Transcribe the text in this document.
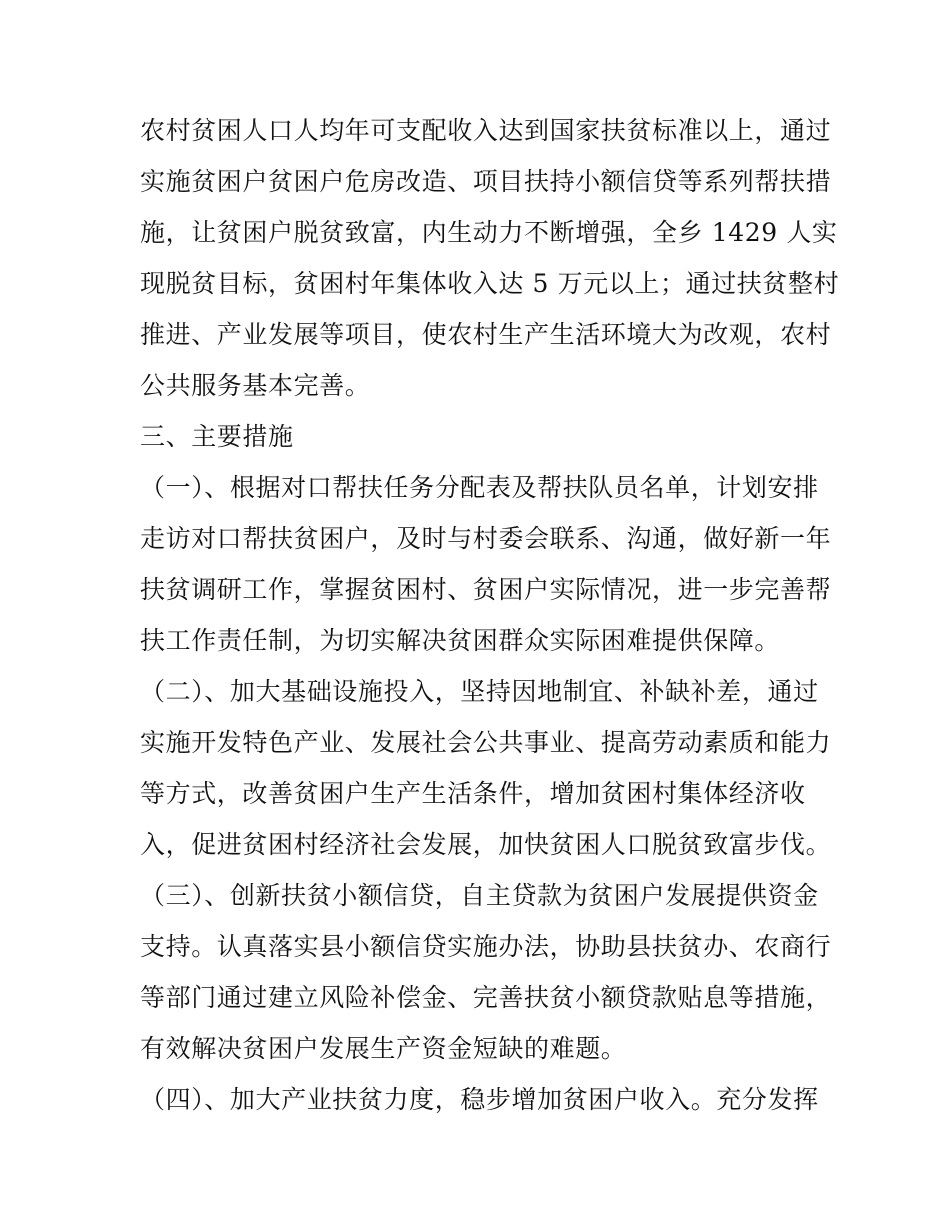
农村贫困人口人均年可支配收入达到国家扶贫标准以上，通过
实施贫困户贫困户危房改造、项目扶持小额信贷等系列帮扶措
施，让贫困户脱贫致富，内生动力不断增强，全乡 1429 人实
现脱贫目标，贫困村年集体收入达 5 万元以上；通过扶贫整村
推进、产业发展等项目，使农村生产生活环境大为改观，农村
公共服务基本完善。
三、主要措施
（一）、根据对口帮扶任务分配表及帮扶队员名单，计划安排
走访对口帮扶贫困户，及时与村委会联系、沟通，做好新一年
扶贫调研工作，掌握贫困村、贫困户实际情况，进一步完善帮
扶工作责任制，为切实解决贫困群众实际困难提供保障。
（二）、加大基础设施投入，坚持因地制宜、补缺补差，通过
实施开发特色产业、发展社会公共事业、提高劳动素质和能力
等方式，改善贫困户生产生活条件，增加贫困村集体经济收
入，促进贫困村经济社会发展，加快贫困人口脱贫致富步伐。
（三）、创新扶贫小额信贷，自主贷款为贫困户发展提供资金
支持。认真落实县小额信贷实施办法，协助县扶贫办、农商行
等部门通过建立风险补偿金、完善扶贫小额贷款贴息等措施，
有效解决贫困户发展生产资金短缺的难题。
（四）、加大产业扶贫力度，稳步增加贫困户收入。充分发挥
